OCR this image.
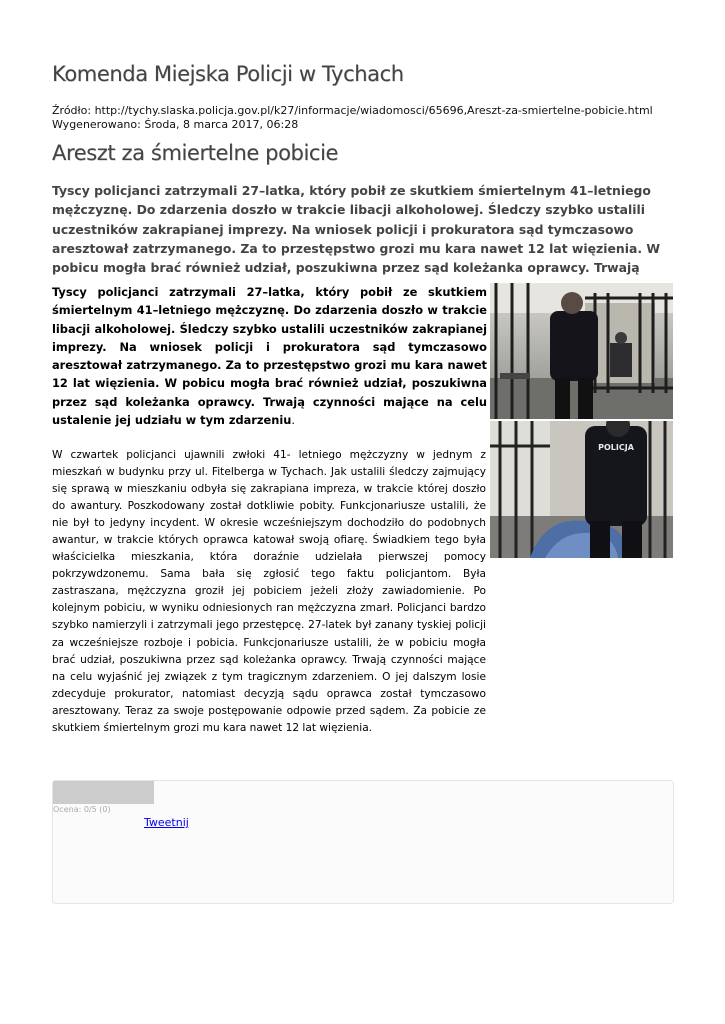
Komenda Miejska Policji w Tychach
Źródło: http://tychy.slaska.policja.gov.pl/k27/informacje/wiadomosci/65696,Areszt-za-smiertelne-pobicie.html
Wygenerowano: Środa, 8 marca 2017, 06:28
Areszt za śmiertelne pobicie

Tyscy policjanci zatrzymali 27–latka, który pobił ze skutkiem śmiertelnym 41–letniego mężczyznę. Do zdarzenia doszło w trakcie libacji alkoholowej. Śledczy szybko ustalili uczestników zakrapianej imprezy. Na wniosek policji i prokuratora sąd tymczasowo aresztował zatrzymanego. Za to przestępstwo grozi mu kara nawet 12 lat więzienia. W pobicu mogła brać również udział, poszukiwna przez sąd koleżanka oprawcy. Trwają

Tyscy policjanci zatrzymali 27–latka, który pobił ze skutkiem śmiertelnym 41–letniego mężczyznę. Do zdarzenia doszło w trakcie libacji alkoholowej. Śledczy szybko ustalili uczestników zakrapianej imprezy. Na wniosek policji i prokuratora sąd tymczasowo aresztował zatrzymanego. Za to przestępstwo grozi mu kara nawet 12 lat więzienia. W pobicu mogła brać również udział, poszukiwna przez sąd koleżanka oprawcy. Trwają czynności mające na celu ustalenie jej udziału w tym zdarzeniu.

POLICJA

W czwartek policjanci ujawnili zwłoki 41- letniego mężczyzny w jednym z mieszkań w budynku przy ul. Fitelberga w Tychach. Jak ustalili śledczy zajmujący się sprawą w mieszkaniu odbyła się zakrapiana impreza, w trakcie której doszło do awantury. Poszkodowany został dotkliwie pobity. Funkcjonariusze ustalili, że nie był to jedyny incydent. W okresie wcześniejszym dochodziło do podobnych awantur, w trakcie których oprawca katował swoją ofiarę. Świadkiem tego była właścicielka mieszkania, która doraźnie udzielała pierwszej pomocy pokrzywdzonemu. Sama bała się zgłosić tego faktu policjantom. Była zastraszana, mężczyzna groził jej pobiciem jeżeli złoży zawiadomienie. Po kolejnym pobiciu, w wyniku odniesionych ran mężczyzna zmarł. Policjanci bardzo szybko namierzyli i zatrzymali jego przestępcę. 27-latek był zanany tyskiej policji za wcześniejsze rozboje i pobicia. Funkcjonariusze ustalili, że w pobiciu mogła brać udział, poszukiwna przez sąd koleżanka oprawcy. Trwają czynności mające na celu wyjaśnić jej związek z tym tragicznym zdarzeniem. O jej dalszym losie zdecyduje prokurator, natomiast decyzją sądu oprawca został tymczasowo aresztowany. Teraz za swoje postępowanie odpowie przed sądem. Za pobicie ze skutkiem śmiertelnym grozi mu kara nawet 12 lat więzienia.

Ocena: 0/5 (0)
Tweetnij
